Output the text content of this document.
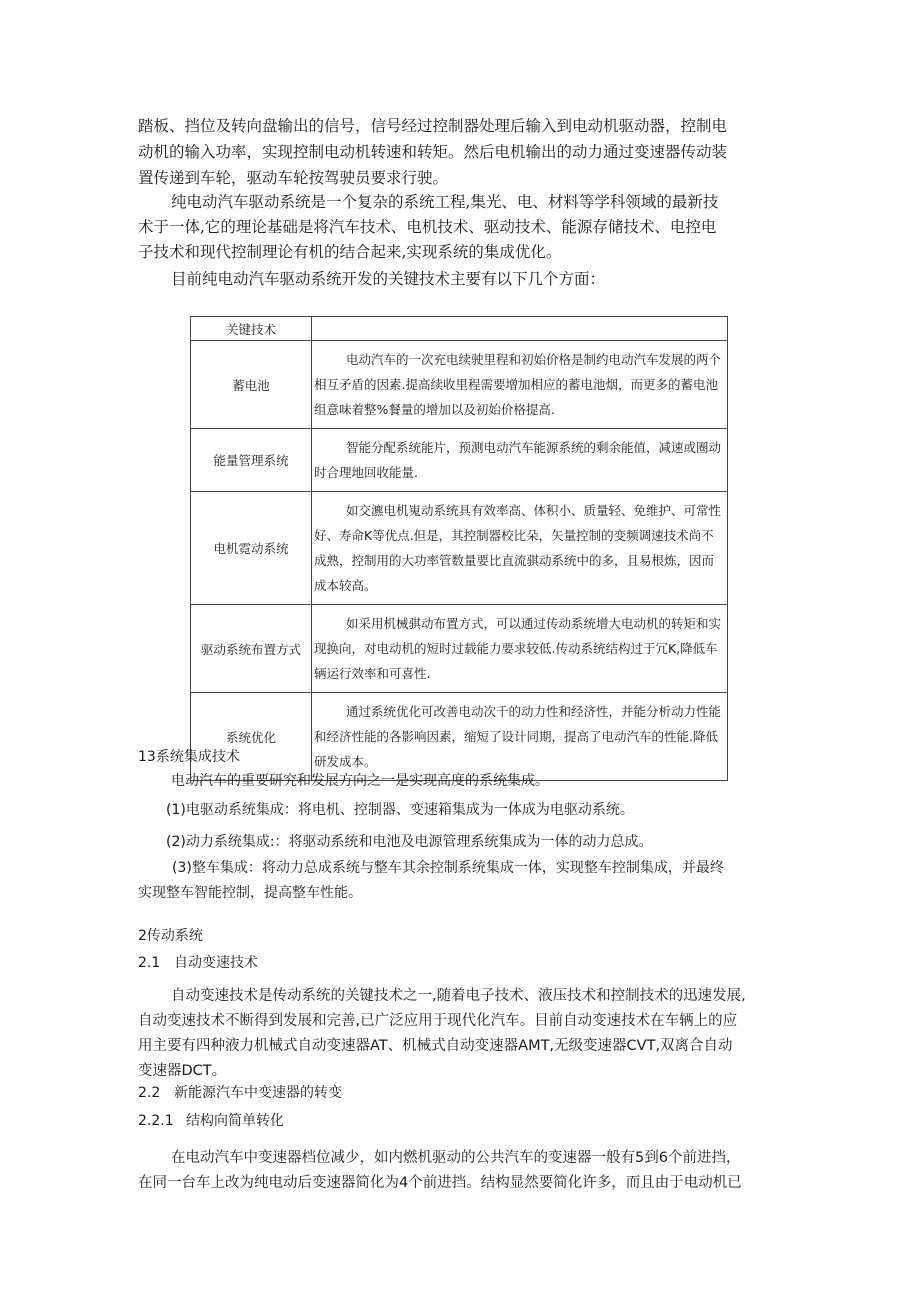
踏板、挡位及转向盘输出的信号，信号经过控制器处理后输入到电动机驱动器，控制电

动机的输入功率，实现控制电动机转速和转矩。然后电机输出的动力通过变速器传动装

置传递到车轮，驱动车轮按驾驶员要求行驶。

纯电动汽车驱动系统是一个复杂的系统工程,集光、电、材料等学科领域的最新技

术于一体,它的理论基础是将汽车技术、电机技术、驱动技术、能源存储技术、电控电

子技术和现代控制理论有机的结合起来,实现系统的集成优化。

目前纯电动汽车驱动系统开发的关键技术主要有以下几个方面：

关键技术	
蓄电池	电动汽车的一次充电续驶里程和初始价格是制约电动汽车发展的两个相互矛盾的因素.提高续收里程需要增加相应的蓄电池烟，而更多的蓄电池组意味着整%餐量的增加以及初始价格提高.

能量管理系统	智能分配系统能片，预测电动汽车能源系统的剩余能值，减速或圈动时合理地回收能量.

电机霓动系统	如交瀌电机嵬动系统具有效率高、体积小、质量轻、免维护、可常性好、寿命K等优点.但是，其控制器校比朵，矢量控制的变频调速技术尚不成熟，控制用的大功率管数量要比直流骐动系统中的多，且易根炼，因而成本较高。

驱动系统布置方式	如采用机械骐动布置方式，可以通过传动系统增大电动机的转矩和实现换向，对电动机的短时过载能力要求较低.传动系统结构过于冗K,降低车辆运行效率和可喜性.

系统优化	通过系统优化可改善电动次千的动力性和经济性，并能分析动力性能和经济性能的各影响因素，缩短了设计同期，提高了电动汽车的性能.降低研发成本。
13系统集成技术

电动汽车的重要研究和发展方向之一是实现高度的系统集成。

(1)电驱动系统集成：将电机、控制器、变速箱集成为一体成为电驱动系统。

(2)动力系统集成:：将驱动系统和电池及电源管理系统集成为一体的动力总成。

(3)整车集成：将动力总成系统与整车其余控制系统集成一体，实现整车控制集成，并最终

实现整车智能控制，提高整车性能。

2传动系统
2.1 自动变速技术

自动变速技术是传动系统的关键技术之一,随着电子技术、液压技术和控制技术的迅速发展,

自动变速技术不断得到发展和完善,已广泛应用于现代化汽车。目前自动变速技术在车辆上的应

用主要有四种液力机械式自动变速器AT、机械式自动变速器AMT,无级变速器CVT,双离合自动

变速器DCT。

2.2 新能源汽车中变速器的转变
2.2.1 结构向简单转化

在电动汽车中变速器档位减少，如内燃机驱动的公共汽车的变速器一般有5到6个前进挡，

在同一台车上改为纯电动后变速器简化为4个前进挡。结构显然要简化许多，而且由于电动机已
